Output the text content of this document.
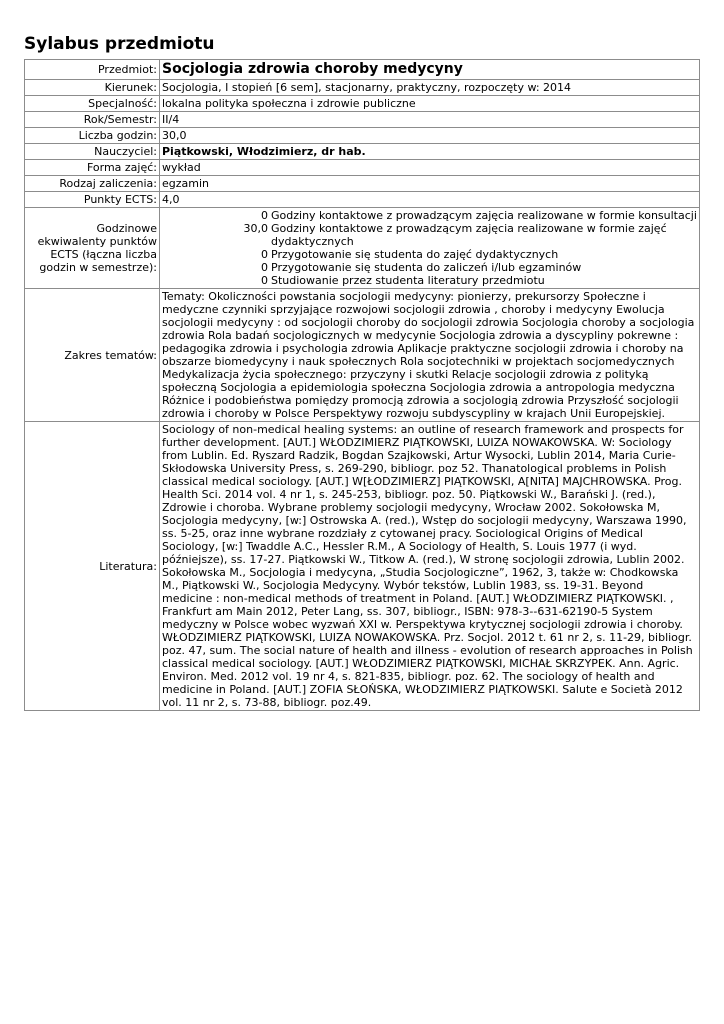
Sylabus przedmiotu
Przedmiot:	Socjologia zdrowia choroby medycyny
Kierunek:	Socjologia, I stopień [6 sem], stacjonarny, praktyczny, rozpoczęty w: 2014
Specjalność:	lokalna polityka społeczna i zdrowie publiczne
Rok/Semestr:	II/4
Liczba godzin:	30,0
Nauczyciel:	Piątkowski, Włodzimierz, dr hab.
Forma zajęć:	wykład
Rodzaj zaliczenia:	egzamin
Punkty ECTS:	4,0
Godzinowe ekwiwalenty punktów ECTS (łączna liczba godzin w semestrze):	
0	Godziny kontaktowe z prowadzącym zajęcia realizowane w formie konsultacji
30,0	Godziny kontaktowe z prowadzącym zajęcia realizowane w formie zajęć dydaktycznych
0	Przygotowanie się studenta do zajęć dydaktycznych
0	Przygotowanie się studenta do zaliczeń i/lub egzaminów
0	Studiowanie przez studenta literatury przedmiotu

Zakres tematów:	Tematy: Okoliczności powstania socjologii medycyny: pionierzy, prekursorzy Społeczne i medyczne czynniki sprzyjające rozwojowi socjologii zdrowia , choroby i medycyny Ewolucja socjologii medycyny : od socjologii choroby do socjologii zdrowia Socjologia choroby a socjologia zdrowia Rola badań socjologicznych w medycynie Socjologia zdrowia a dyscypliny pokrewne : pedagogika zdrowia i psychologia zdrowia Aplikacje praktyczne socjologii zdrowia i choroby na obszarze biomedycyny i nauk społecznych Rola socjotechniki w projektach socjomedycznych Medykalizacja życia społecznego: przyczyny i skutki Relacje socjologii zdrowia z polityką społeczną Socjologia a epidemiologia społeczna Socjologia zdrowia a antropologia medyczna Różnice i podobieństwa pomiędzy promocją zdrowia a socjologią zdrowia Przyszłość socjologii zdrowia i choroby w Polsce Perspektywy rozwoju subdyscypliny w krajach Unii Europejskiej.
Literatura:	Sociology of non-medical healing systems: an outline of research framework and prospects for further development. [AUT.] WŁODZIMIERZ PIĄTKOWSKI, LUIZA NOWAKOWSKA. W: Sociology from Lublin. Ed. Ryszard Radzik, Bogdan Szajkowski, Artur Wysocki, Lublin 2014, Maria Curie-Skłodowska University Press, s. 269-290, bibliogr. poz 52. Thanatological problems in Polish classical medical sociology. [AUT.] W[ŁODZIMIERZ] PIĄTKOWSKI, A[NITA] MAJCHROWSKA. Prog. Health Sci. 2014 vol. 4 nr 1, s. 245-253, bibliogr. poz. 50. Piątkowski W., Barański J. (red.), Zdrowie i choroba. Wybrane problemy socjologii medycyny, Wrocław 2002. Sokołowska M, Socjologia medycyny, [w:] Ostrowska A. (red.), Wstęp do socjologii medycyny, Warszawa 1990, ss. 5-25, oraz inne wybrane rozdziały z cytowanej pracy. Sociological Origins of Medical Sociology, [w:] Twaddle A.C., Hessler R.M., A Sociology of Health, S. Louis 1977 (i wyd. późniejsze), ss. 17-27. Piątkowski W., Titkow A. (red.), W stronę socjologii zdrowia, Lublin 2002. Sokołowska M., Socjologia i medycyna, „Studia Socjologiczne”, 1962, 3, także w: Chodkowska M., Piątkowski W., Socjologia Medycyny. Wybór tekstów, Lublin 1983, ss. 19-31. Beyond medicine : non-medical methods of treatment in Poland. [AUT.] WŁODZIMIERZ PIĄTKOWSKI. , Frankfurt am Main 2012, Peter Lang, ss. 307, bibliogr., ISBN: 978-3--631-62190-5 System medyczny w Polsce wobec wyzwań XXI w. Perspektywa krytycznej socjologii zdrowia i choroby. WŁODZIMIERZ PIĄTKOWSKI, LUIZA NOWAKOWSKA. Prz. Socjol. 2012 t. 61 nr 2, s. 11-29, bibliogr. poz. 47, sum. The social nature of health and illness - evolution of research approaches in Polish classical medical sociology. [AUT.] WŁODZIMIERZ PIĄTKOWSKI, MICHAŁ SKRZYPEK. Ann. Agric. Environ. Med. 2012 vol. 19 nr 4, s. 821-835, bibliogr. poz. 62. The sociology of health and medicine in Poland. [AUT.] ZOFIA SŁOŃSKA, WŁODZIMIERZ PIĄTKOWSKI. Salute e Società 2012 vol. 11 nr 2, s. 73-88, bibliogr. poz.49.
